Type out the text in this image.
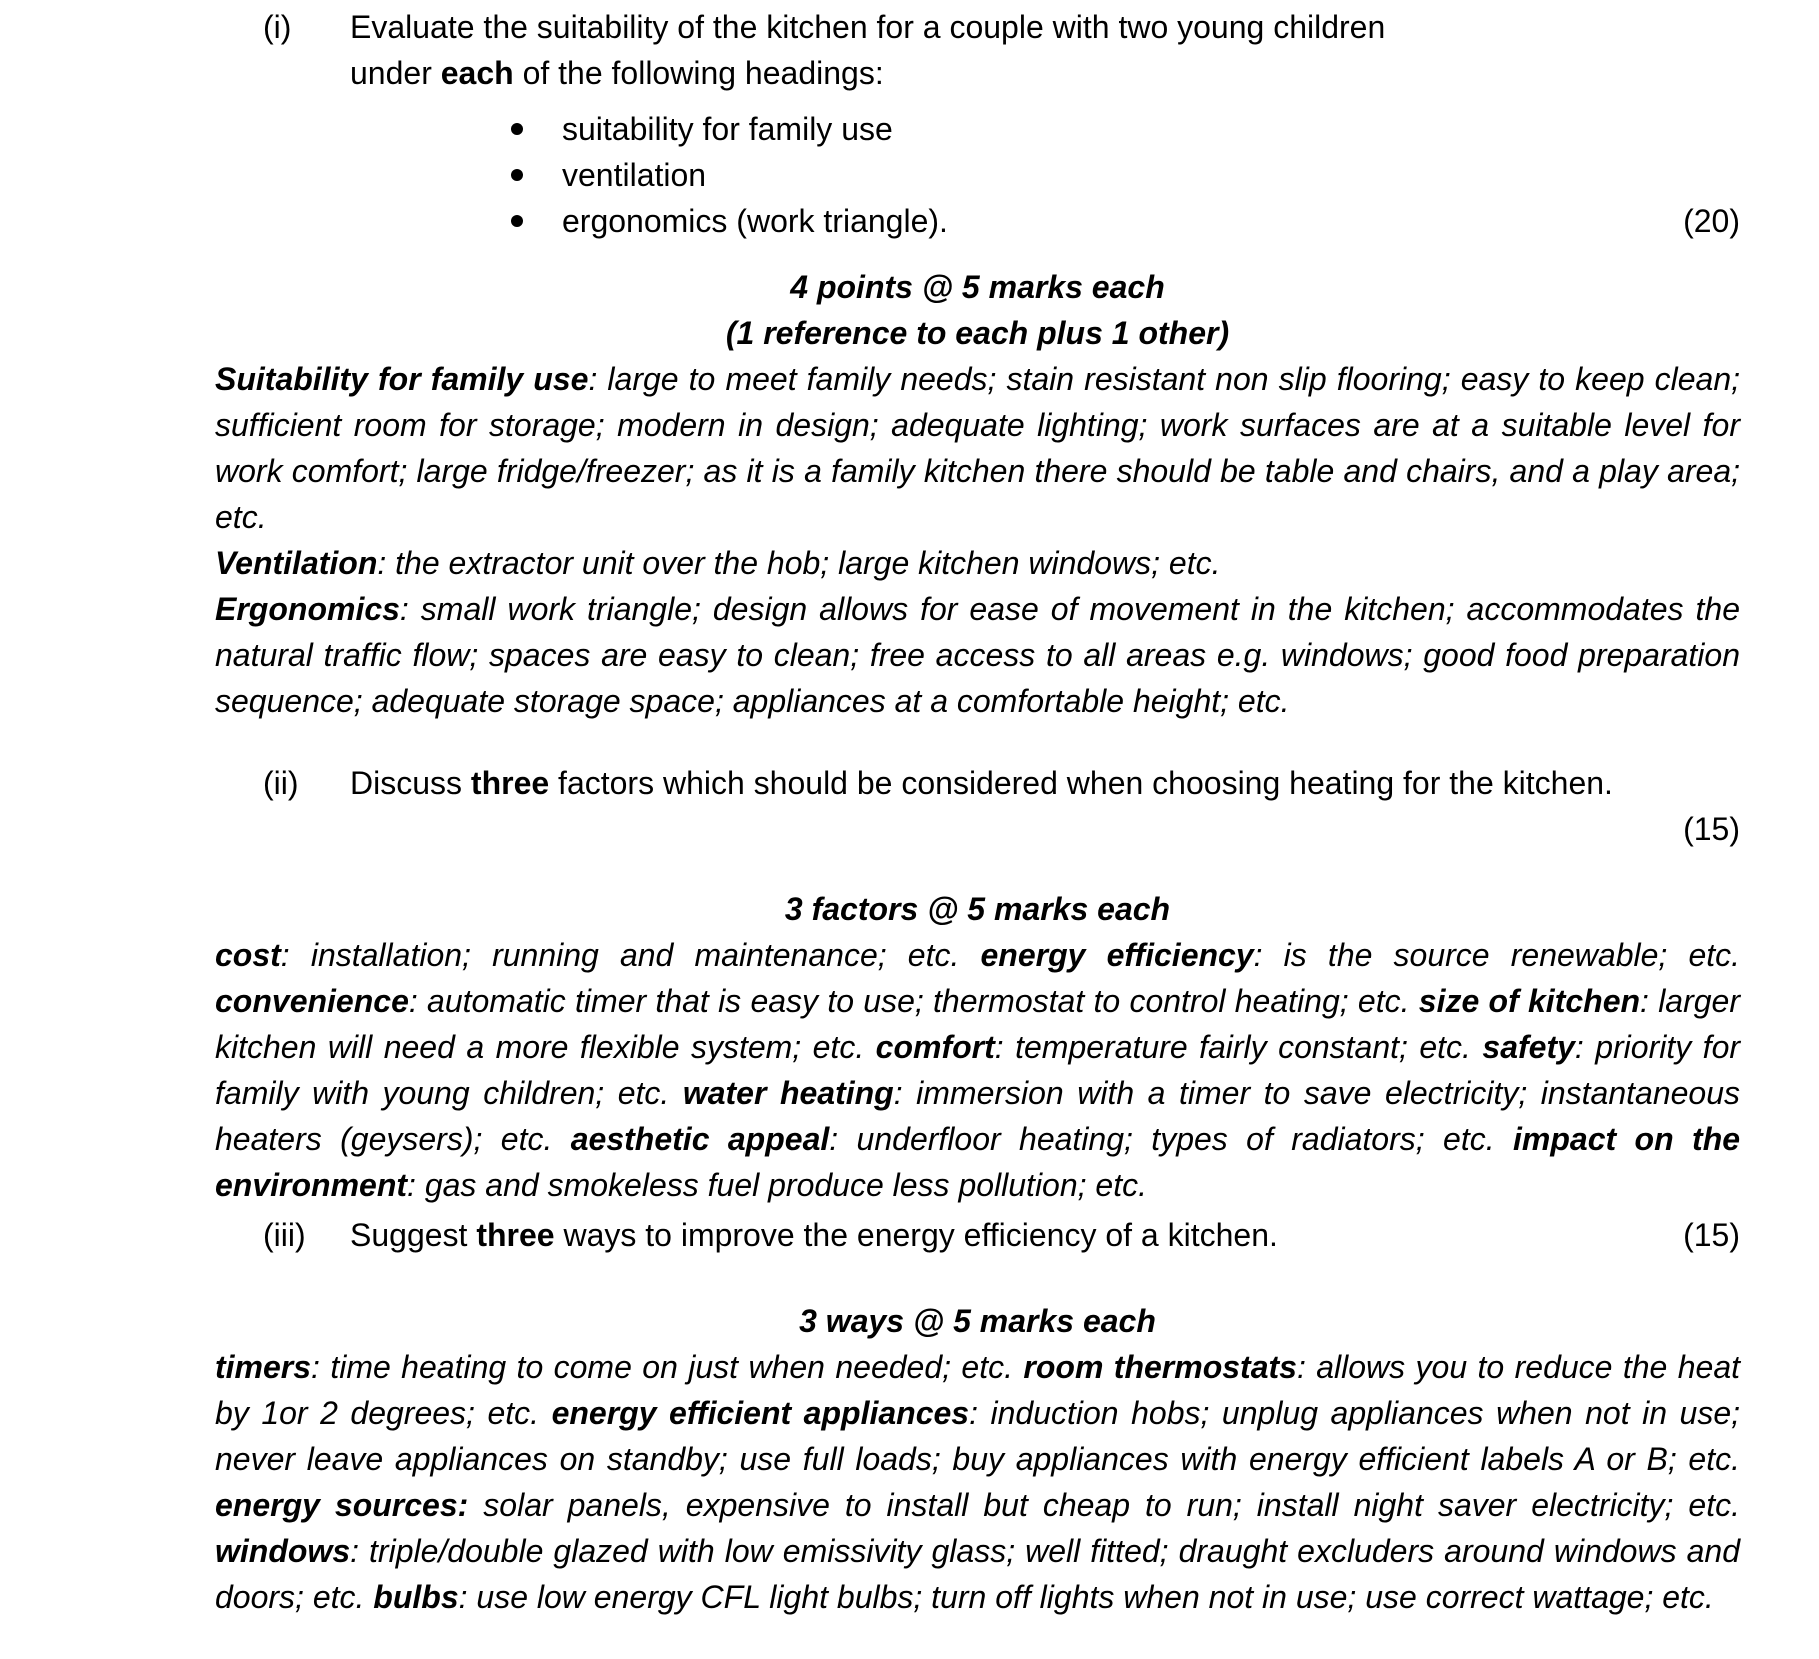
(i)	Evaluate the suitability of the kitchen for a couple with two young children
under each of the following headings:
suitability for family use
ventilation
ergonomics (work triangle).	(20)
4 points @ 5 marks each
(1 reference to each plus 1 other)

Suitability for family use: large to meet family needs; stain resistant non slip flooring; easy to keep clean; sufficient room for storage; modern in design; adequate lighting; work surfaces are at a suitable level for work comfort; large fridge/freezer; as it is a family kitchen there should be table and chairs, and a play area; etc.

Ventilation: the extractor unit over the hob; large kitchen windows; etc.

Ergonomics: small work triangle; design allows for ease of movement in the kitchen; accommodates the natural traffic flow; spaces are easy to clean; free access to all areas e.g. windows; good food preparation sequence; adequate storage space; appliances at a comfortable height; etc.

(ii)	Discuss three factors which should be considered when choosing heating for the kitchen.
(15)
3 factors @ 5 marks each

cost: installation; running and maintenance; etc. energy efficiency: is the source renewable; etc. convenience: automatic timer that is easy to use; thermostat to control heating; etc. size of kitchen: larger kitchen will need a more flexible system; etc. comfort: temperature fairly constant; etc. safety: priority for family with young children; etc. water heating: immersion with a timer to save electricity; instantaneous heaters (geysers); etc. aesthetic appeal: underfloor heating; types of radiators; etc. impact on the environment: gas and smokeless fuel produce less pollution; etc.

(iii)	Suggest three ways to improve the energy efficiency of a kitchen.	(15)
3 ways @ 5 marks each

timers: time heating to come on just when needed; etc. room thermostats: allows you to reduce the heat by 1or 2 degrees; etc. energy efficient appliances: induction hobs; unplug appliances when not in use; never leave appliances on standby; use full loads; buy appliances with energy efficient labels A or B; etc. energy sources: solar panels, expensive to install but cheap to run; install night saver electricity; etc. windows: triple/double glazed with low emissivity glass; well fitted; draught excluders around windows and doors; etc. bulbs: use low energy CFL light bulbs; turn off lights when not in use; use correct wattage; etc.
